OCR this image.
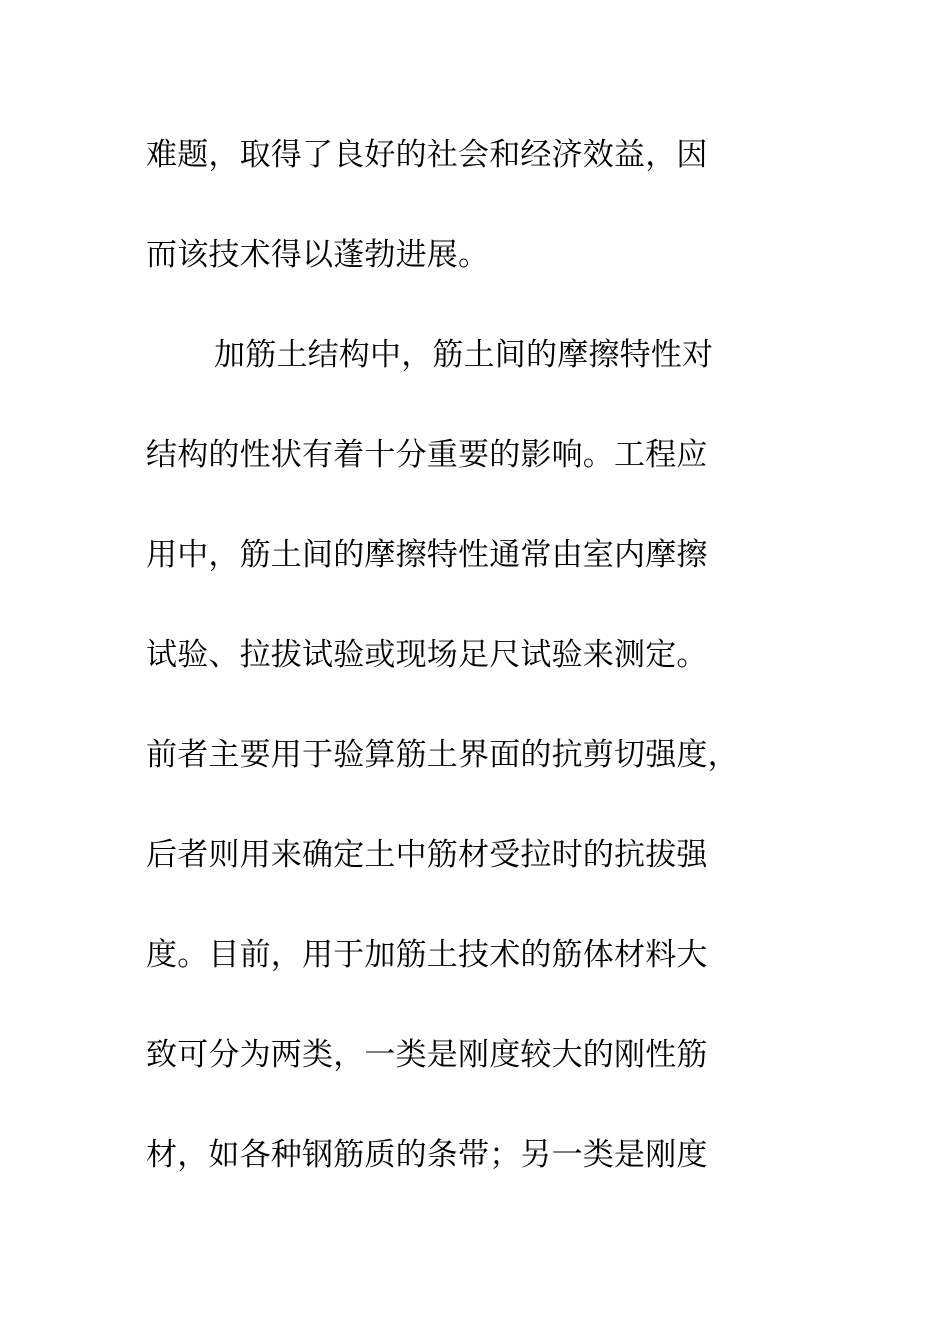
难题，取得了良好的社会和经济效益，因
而该技术得以蓬勃进展。
加筋土结构中，筋土间的摩擦特性对
结构的性状有着十分重要的影响。工程应
用中，筋土间的摩擦特性通常由室内摩擦
试验、拉拔试验或现场足尺试验来测定。
前者主要用于验算筋土界面的抗剪切强度，
后者则用来确定土中筋材受拉时的抗拔强
度。目前，用于加筋土技术的筋体材料大
致可分为两类，一类是刚度较大的刚性筋
材，如各种钢筋质的条带；另一类是刚度
